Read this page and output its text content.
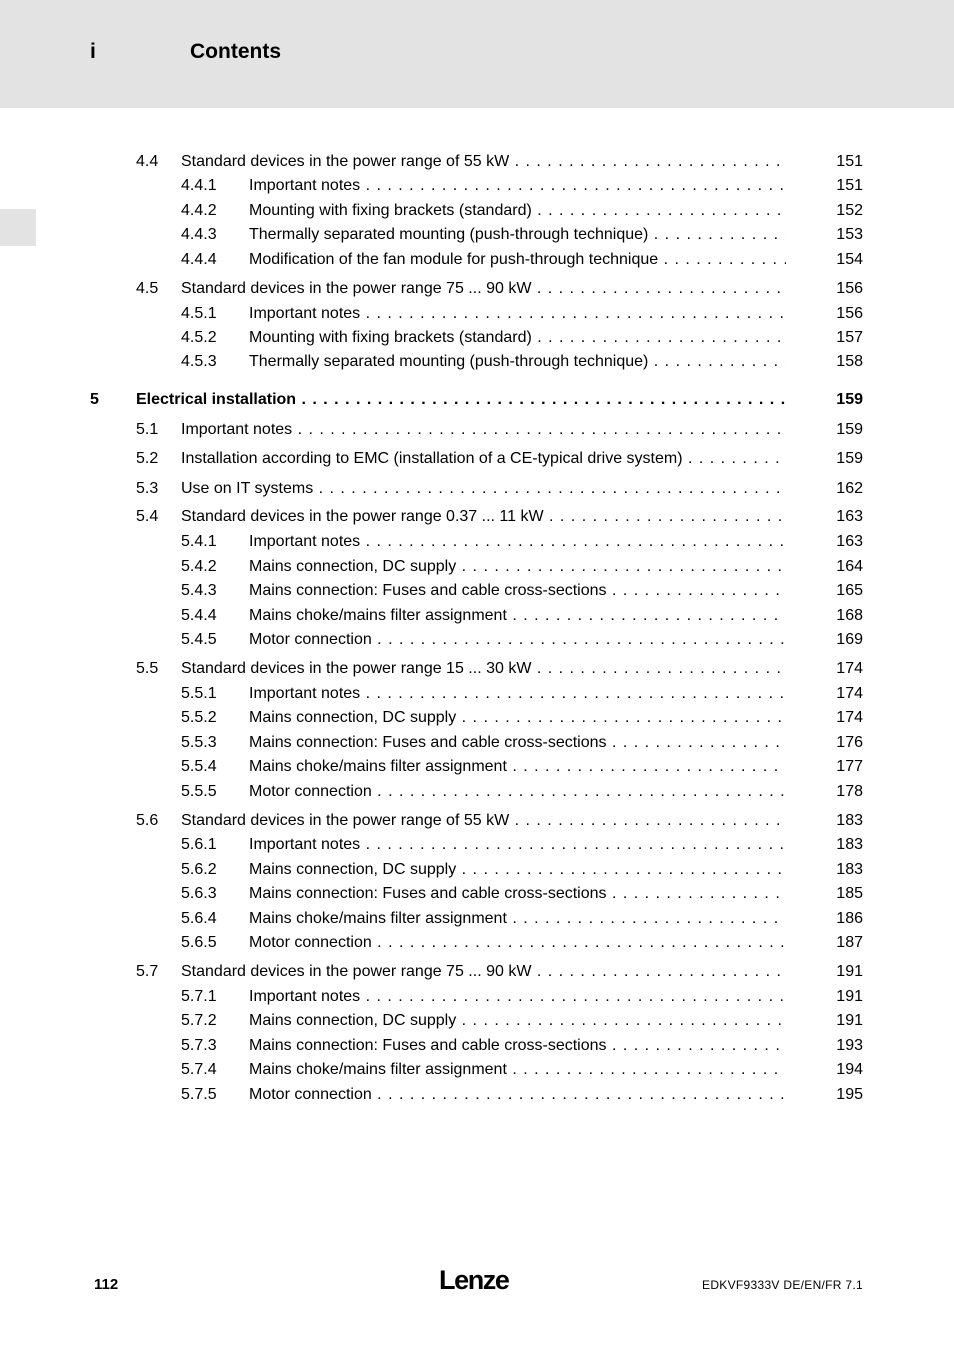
i	Contents
4.4 Standard devices in the power range of 55 kW . . .	151
4.4.1 Important notes . . .	151
4.4.2 Mounting with fixing brackets (standard) . . .	152
4.4.3 Thermally separated mounting (push-through technique) . . .	153
4.4.4 Modification of the fan module for push-through technique . . .	154
4.5 Standard devices in the power range 75 ... 90 kW . . .	156
4.5.1 Important notes . . .	156
4.5.2 Mounting with fixing brackets (standard) . . .	157
4.5.3 Thermally separated mounting (push-through technique) . . .	158
5 Electrical installation . . .	159
5.1 Important notes . . .	159
5.2 Installation according to EMC (installation of a CE-typical drive system) . . .	159
5.3 Use on IT systems . . .	162
5.4 Standard devices in the power range 0.37 ... 11 kW . . .	163
5.4.1 Important notes . . .	163
5.4.2 Mains connection, DC supply . . .	164
5.4.3 Mains connection: Fuses and cable cross-sections . . .	165
5.4.4 Mains choke/mains filter assignment . . .	168
5.4.5 Motor connection . . .	169
5.5 Standard devices in the power range 15 ... 30 kW . . .	174
5.5.1 Important notes . . .	174
5.5.2 Mains connection, DC supply . . .	174
5.5.3 Mains connection: Fuses and cable cross-sections . . .	176
5.5.4 Mains choke/mains filter assignment . . .	177
5.5.5 Motor connection . . .	178
5.6 Standard devices in the power range of 55 kW . . .	183
5.6.1 Important notes . . .	183
5.6.2 Mains connection, DC supply . . .	183
5.6.3 Mains connection: Fuses and cable cross-sections . . .	185
5.6.4 Mains choke/mains filter assignment . . .	186
5.6.5 Motor connection . . .	187
5.7 Standard devices in the power range 75 ... 90 kW . . .	191
5.7.1 Important notes . . .	191
5.7.2 Mains connection, DC supply . . .	191
5.7.3 Mains connection: Fuses and cable cross-sections . . .	193
5.7.4 Mains choke/mains filter assignment . . .	194
5.7.5 Motor connection . . .	195
112	Lenze	EDKVF9333V DE/EN/FR 7.1
